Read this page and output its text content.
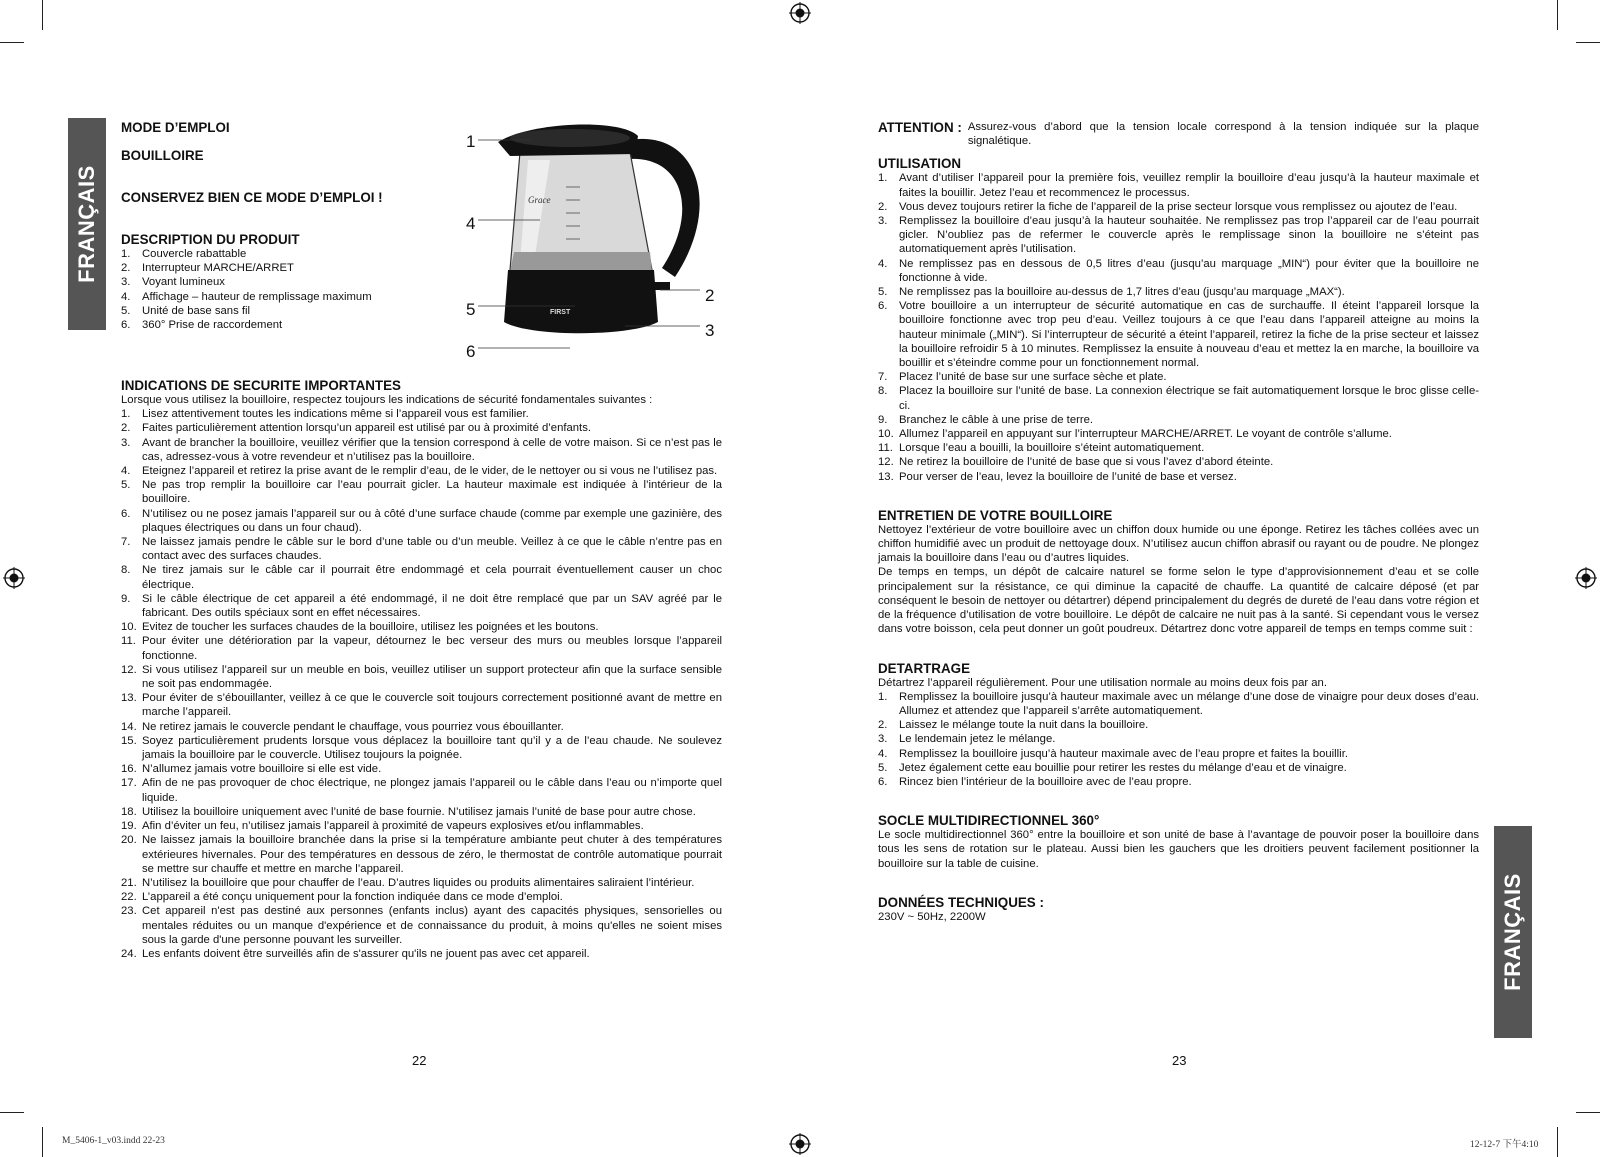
FRANÇAIS
FRANÇAIS

MODE D’EMPLOI

BOUILLOIRE

CONSERVEZ BIEN CE MODE D’EMPLOI !

DESCRIPTION DU PRODUIT

1. Couvercle rabattable
2. Interrupteur MARCHE/ARRET
3. Voyant lumineux
4. Affichage – hauteur de remplissage maximum
5. Unité de base sans fil
6. 360° Prise de raccordement
Grace
FIRST
1
4
5
6
2
3

INDICATIONS DE SECURITE IMPORTANTES

Lorsque vous utilisez la bouilloire, respectez toujours les indications de sécurité fondamentales suivantes :

1. Lisez attentivement toutes les indications même si l’appareil vous est familier.
2. Faites particulièrement attention lorsqu’un appareil est utilisé par ou à proximité d’enfants.
3. Avant de brancher la bouilloire, veuillez vérifier que la tension correspond à celle de votre maison. Si ce n’est pas le cas, adressez-vous à votre revendeur et n’utilisez pas la bouilloire.
4. Eteignez l’appareil et retirez la prise avant de le remplir d’eau, de le vider, de le nettoyer ou si vous ne l’utilisez pas.
5. Ne pas trop remplir la bouilloire car l’eau pourrait gicler. La hauteur maximale est indiquée à l’intérieur de la bouilloire.
6. N’utilisez ou ne posez jamais l’appareil sur ou à côté d’une surface chaude (comme par exemple une gazinière, des plaques électriques ou dans un four chaud).
7. Ne laissez jamais pendre le câble sur le bord d’une table ou d’un meuble. Veillez à ce que le câble n’entre pas en contact avec des surfaces chaudes.
8. Ne tirez jamais sur le câble car il pourrait être endommagé et cela pourrait éventuellement causer un choc électrique.
9. Si le câble électrique de cet appareil a été endommagé, il ne doit être remplacé que par un SAV agréé par le fabricant. Des outils spéciaux sont en effet nécessaires.
10. Evitez de toucher les surfaces chaudes de la bouilloire, utilisez les poignées et les boutons.
11. Pour éviter une détérioration par la vapeur, détournez le bec verseur des murs ou meubles lorsque l’appareil fonctionne.
12. Si vous utilisez l’appareil sur un meuble en bois, veuillez utiliser un support protecteur afin que la surface sensible ne soit pas endommagée.
13. Pour éviter de s’ébouillanter, veillez à ce que le couvercle soit toujours correctement positionné avant de mettre en marche l’appareil.
14. Ne retirez jamais le couvercle pendant le chauffage, vous pourriez vous ébouillanter.
15. Soyez particulièrement prudents lorsque vous déplacez la bouilloire tant qu’il y a de l’eau chaude. Ne soulevez jamais la bouilloire par le couvercle. Utilisez toujours la poignée.
16. N’allumez jamais votre bouilloire si elle est vide.
17. Afin de ne pas provoquer de choc électrique, ne plongez jamais l’appareil ou le câble dans l’eau ou n’importe quel liquide.
18. Utilisez la bouilloire uniquement avec l’unité de base fournie. N’utilisez jamais l’unité de base pour autre chose.
19. Afin d’éviter un feu, n’utilisez jamais l’appareil à proximité de vapeurs explosives et/ou inflammables.
20. Ne laissez jamais la bouilloire branchée dans la prise si la température ambiante peut chuter à des températures extérieures hivernales. Pour des températures en dessous de zéro, le thermostat de contrôle automatique pourrait se mettre sur chauffe et mettre en marche l’appareil.
21. N’utilisez la bouilloire que pour chauffer de l’eau. D’autres liquides ou produits alimentaires saliraient l’intérieur.
22. L’appareil a été conçu uniquement pour la fonction indiquée dans ce mode d’emploi.
23. Cet appareil n'est pas destiné aux personnes (enfants inclus) ayant des capacités physiques, sensorielles ou mentales réduites ou un manque d'expérience et de connaissance du produit, à moins qu'elles ne soient mises sous la garde d'une personne pouvant les surveiller.
24. Les enfants doivent être surveillés afin de s'assurer qu'ils ne jouent pas avec cet appareil.
22
ATTENTION : Assurez-vous d’abord que la tension locale correspond à la tension indiquée sur la plaque signalétique.

UTILISATION

1. Avant d’utiliser l’appareil pour la première fois, veuillez remplir la bouilloire d’eau jusqu’à la hauteur maximale et faites la bouillir. Jetez l’eau et recommencez le processus.
2. Vous devez toujours retirer la fiche de l’appareil de la prise secteur lorsque vous remplissez ou ajoutez de l’eau.
3. Remplissez la bouilloire d’eau jusqu’à la hauteur souhaitée. Ne remplissez pas trop l’appareil car de l’eau pourrait gicler. N’oubliez pas de refermer le couvercle après le remplissage sinon la bouilloire ne s’éteint pas automatiquement après l’utilisation.
4. Ne remplissez pas en dessous de 0,5 litres d’eau (jusqu’au marquage „MIN“) pour éviter que la bouilloire ne fonctionne à vide.
5. Ne remplissez pas la bouilloire au-dessus de 1,7 litres d’eau (jusqu’au marquage „MAX“).
6. Votre bouilloire a un interrupteur de sécurité automatique en cas de surchauffe. Il éteint l’appareil lorsque la bouilloire fonctionne avec trop peu d’eau. Veillez toujours à ce que l’eau dans l’appareil atteigne au moins la hauteur minimale („MIN“). Si l’interrupteur de sécurité a éteint l’appareil, retirez la fiche de la prise secteur et laissez la bouilloire refroidir 5 à 10 minutes. Remplissez la ensuite à nouveau d’eau et mettez la en marche, la bouilloire va bouillir et s’éteindre comme pour un fonctionnement normal.
7. Placez l’unité de base sur une surface sèche et plate.
8. Placez la bouilloire sur l’unité de base. La connexion électrique se fait automatiquement lorsque le broc glisse celle-ci.
9. Branchez le câble à une prise de terre.
10. Allumez l’appareil en appuyant sur l’interrupteur MARCHE/ARRET. Le voyant de contrôle s’allume.
11. Lorsque l’eau a bouilli, la bouilloire s’éteint automatiquement.
12. Ne retirez la bouilloire de l’unité de base que si vous l’avez d’abord éteinte.
13. Pour verser de l’eau, levez la bouilloire de l’unité de base et versez.

ENTRETIEN DE VOTRE BOUILLOIRE

Nettoyez l’extérieur de votre bouilloire avec un chiffon doux humide ou une éponge. Retirez les tâches collées avec un chiffon humidifié avec un produit de nettoyage doux. N’utilisez aucun chiffon abrasif ou rayant ou de poudre. Ne plongez jamais la bouilloire dans l’eau ou d’autres liquides.

De temps en temps, un dépôt de calcaire naturel se forme selon le type d’approvisionnement d’eau et se colle principalement sur la résistance, ce qui diminue la capacité de chauffe. La quantité de calcaire déposé (et par conséquent le besoin de nettoyer ou détartrer) dépend principalement du degrés de dureté de l’eau dans votre région et de la fréquence d’utilisation de votre bouilloire. Le dépôt de calcaire ne nuit pas à la santé. Si cependant vous le versez dans votre boisson, cela peut donner un goût poudreux. Détartrez donc votre appareil de temps en temps comme suit :

DETARTRAGE

Détartrez l’appareil régulièrement. Pour une utilisation normale au moins deux fois par an.

1. Remplissez la bouilloire jusqu’à hauteur maximale avec un mélange d’une dose de vinaigre pour deux doses d’eau. Allumez et attendez que l’appareil s’arrête automatiquement.
2. Laissez le mélange toute la nuit dans la bouilloire.
3. Le lendemain jetez le mélange.
4. Remplissez la bouilloire jusqu’à hauteur maximale avec de l’eau propre et faites la bouillir.
5. Jetez également cette eau bouillie pour retirer les restes du mélange d’eau et de vinaigre.
6. Rincez bien l’intérieur de la bouilloire avec de l’eau propre.

SOCLE MULTIDIRECTIONNEL 360°

Le socle multidirectionnel 360° entre la bouilloire et son unité de base à l’avantage de pouvoir poser la bouilloire dans tous les sens de rotation sur le plateau. Aussi bien les gauchers que les droitiers peuvent facilement positionner la bouilloire sur la table de cuisine.

DONNÉES TECHNIQUES :

230V ~ 50Hz, 2200W

23
M_5406-1_v03.indd 22-23	12-12-7 下午4:10
